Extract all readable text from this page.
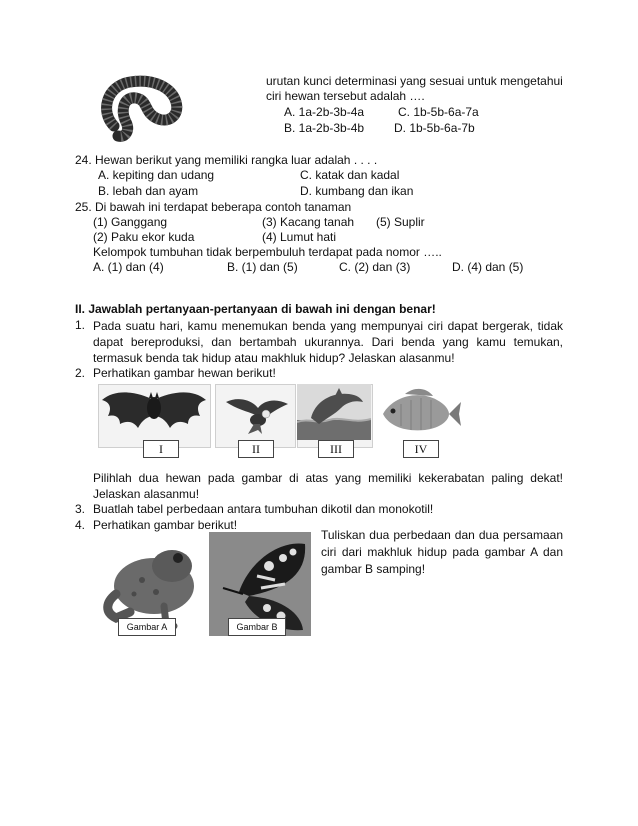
urutan kunci determinasi yang sesuai untuk mengetahui
ciri hewan tersebut adalah ….
A. 1a-2b-3b-4a	C. 1b-5b-6a-7a
B. 1a-2b-3b-4b D. 1b-5b-6a-7b
24. Hewan berikut yang memiliki rangka luar adalah . . . .
A. kepiting dan udang	C. katak dan kadal
B. lebah dan ayam	D. kumbang dan ikan
25. Di bawah ini terdapat beberapa contoh tanaman
(1) Ganggang	(3) Kacang tanah (5) Suplir
(2) Paku ekor kuda	(4) Lumut hati
Kelompok tumbuhan tidak berpembuluh terdapat pada nomor …..
A. (1) dan (4)	B. (1) dan (5)	C. (2) dan (3)	D. (4) dan (5)
II. Jawablah pertanyaan-pertanyaan di bawah ini dengan benar!
1. Pada suatu hari, kamu menemukan benda yang mempunyai ciri dapat bergerak, tidak dapat bereproduksi, dan bertambah ukurannya. Dari benda yang kamu temukan, termasuk benda tak hidup atau makhluk hidup? Jelaskan alasanmu!
2. Perhatikan gambar hewan berikut!
I	II	III	IV
Pilihlah dua hewan pada gambar di atas yang memiliki kekerabatan paling dekat! Jelaskan alasanmu!
3. Buatlah tabel perbedaan antara tumbuhan dikotil dan monokotil!
4. Perhatikan gambar berikut!
Gambar A	Gambar B
Tuliskan dua perbedaan dan dua persamaan ciri dari makhluk hidup pada gambar A dan gambar B samping!
